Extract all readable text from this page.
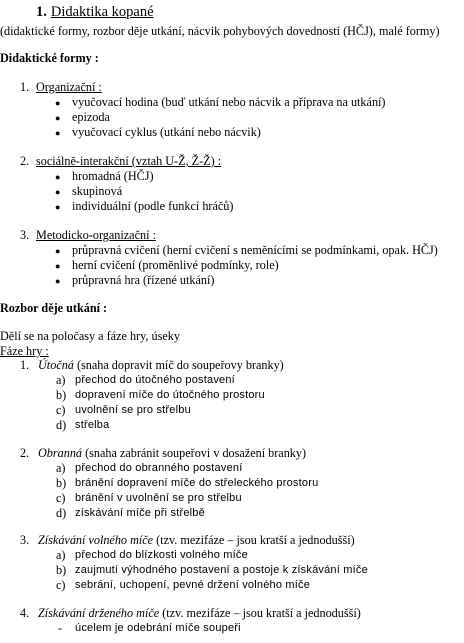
1. Didaktika kopané
(didaktické formy, rozbor děje utkání, nácvik pohybových dovedností (HČJ), malé formy)
Didaktické formy :
1. Organizační :
● vyučovací hodina (buď utkání nebo nácvik a příprava na utkání)
● epizoda
● vyučovací cyklus (utkání nebo nácvik)
2. sociálně-interakční (vztah U-Ž, Ž-Ž) :
● hromadná (HČJ)
● skupinová
● individuální (podle funkcí hráčů)
3. Metodicko-organizační :
● průpravná cvičení (herní cvičení s neměnícími se podmínkami, opak. HČJ)
● herní cvičení (proměnlivé podmínky, role)
● průpravná hra (řízené utkání)
Rozbor děje utkání :
Dělí se na poločasy a fáze hry, úseky
Fáze hry :
1. Útočná (snaha dopravit míč do soupeřovy branky)
a) přechod do útočného postavení
b) dopravení míče do útočného prostoru
c) uvolnění se pro střelbu
d) střelba
2. Obranná (snaha zabránit soupeřovi v dosažení branky)
a) přechod do obranného postavení
b) bránění dopravení míče do střeleckého prostoru
c) bránění v uvolnění se pro střelbu
d) získávání míče při střelbě
3. Získávání volného míče (tzv. mezifáze – jsou kratší a jednodušší)
a) přechod do blízkosti volného míče
b) zaujmutí výhodného postavení a postoje k získávání míče
c) sebrání, uchopení, pevné držení volného míče
4. Získávání drženého míče (tzv. mezifáze – jsou kratší a jednodušší)
- úcelem je odebrání míče soupeři
